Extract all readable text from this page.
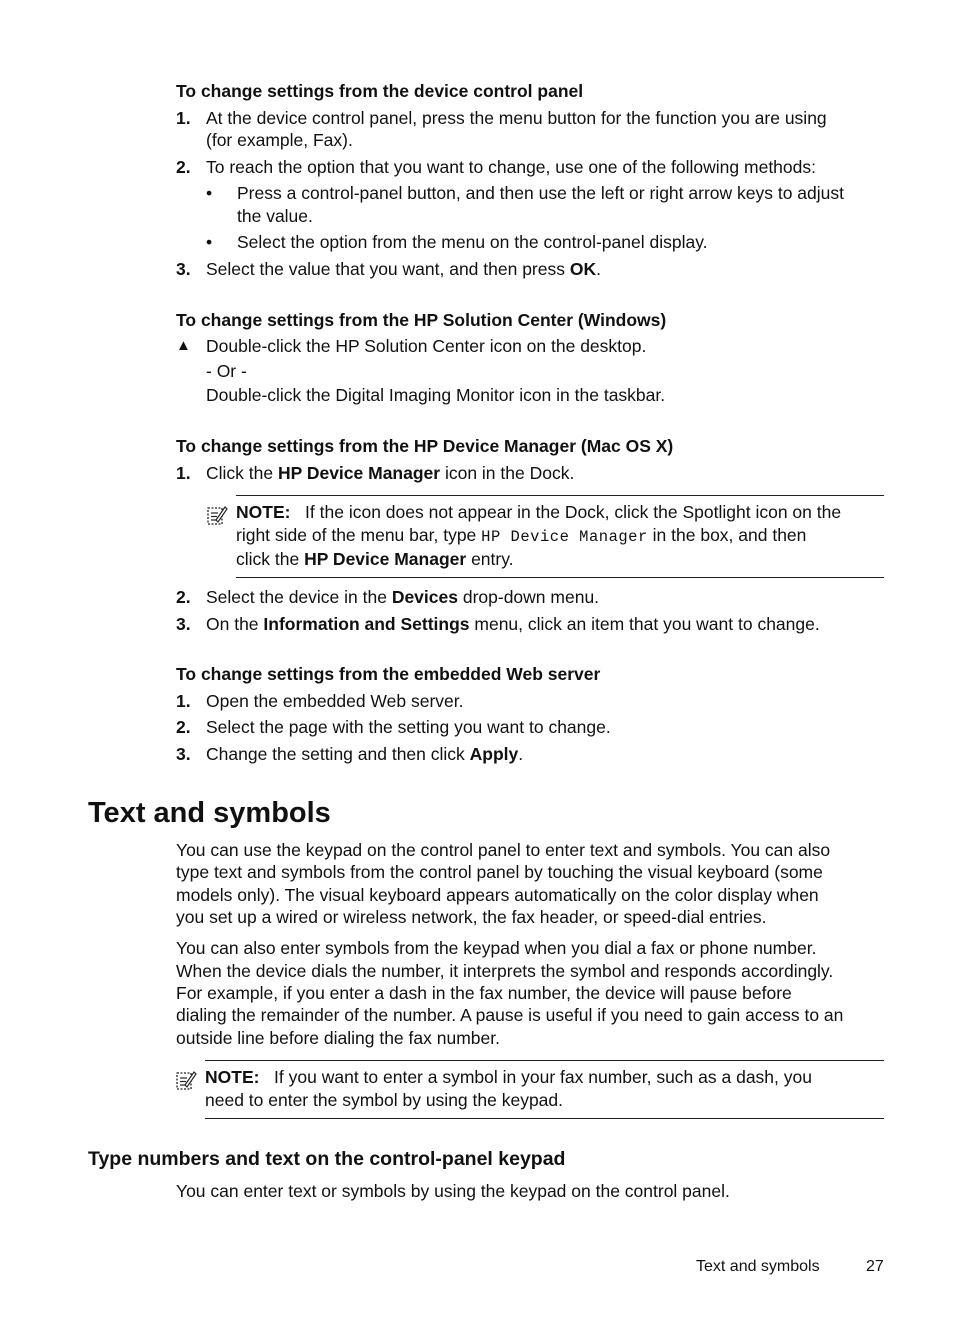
To change settings from the device control panel
1. At the device control panel, press the menu button for the function you are using
(for example, Fax).
2. To reach the option that you want to change, use one of the following methods:
• Press a control-panel button, and then use the left or right arrow keys to adjust
the value.
• Select the option from the menu on the control-panel display.
3. Select the value that you want, and then press OK.
To change settings from the HP Solution Center (Windows)
▲ Double-click the HP Solution Center icon on the desktop.
- Or -
Double-click the Digital Imaging Monitor icon in the taskbar.
To change settings from the HP Device Manager (Mac OS X)
1. Click the HP Device Manager icon in the Dock.
NOTE: If the icon does not appear in the Dock, click the Spotlight icon on the
right side of the menu bar, type HP Device Manager in the box, and then
click the HP Device Manager entry.
2. Select the device in the Devices drop-down menu.
3. On the Information and Settings menu, click an item that you want to change.
To change settings from the embedded Web server
1. Open the embedded Web server.
2. Select the page with the setting you want to change.
3. Change the setting and then click Apply.
Text and symbols
You can use the keypad on the control panel to enter text and symbols. You can also
type text and symbols from the control panel by touching the visual keyboard (some
models only). The visual keyboard appears automatically on the color display when
you set up a wired or wireless network, the fax header, or speed-dial entries.
You can also enter symbols from the keypad when you dial a fax or phone number.
When the device dials the number, it interprets the symbol and responds accordingly.
For example, if you enter a dash in the fax number, the device will pause before
dialing the remainder of the number. A pause is useful if you need to gain access to an
outside line before dialing the fax number.
NOTE: If you want to enter a symbol in your fax number, such as a dash, you
need to enter the symbol by using the keypad.
Type numbers and text on the control-panel keypad
You can enter text or symbols by using the keypad on the control panel.
Text and symbols	27
